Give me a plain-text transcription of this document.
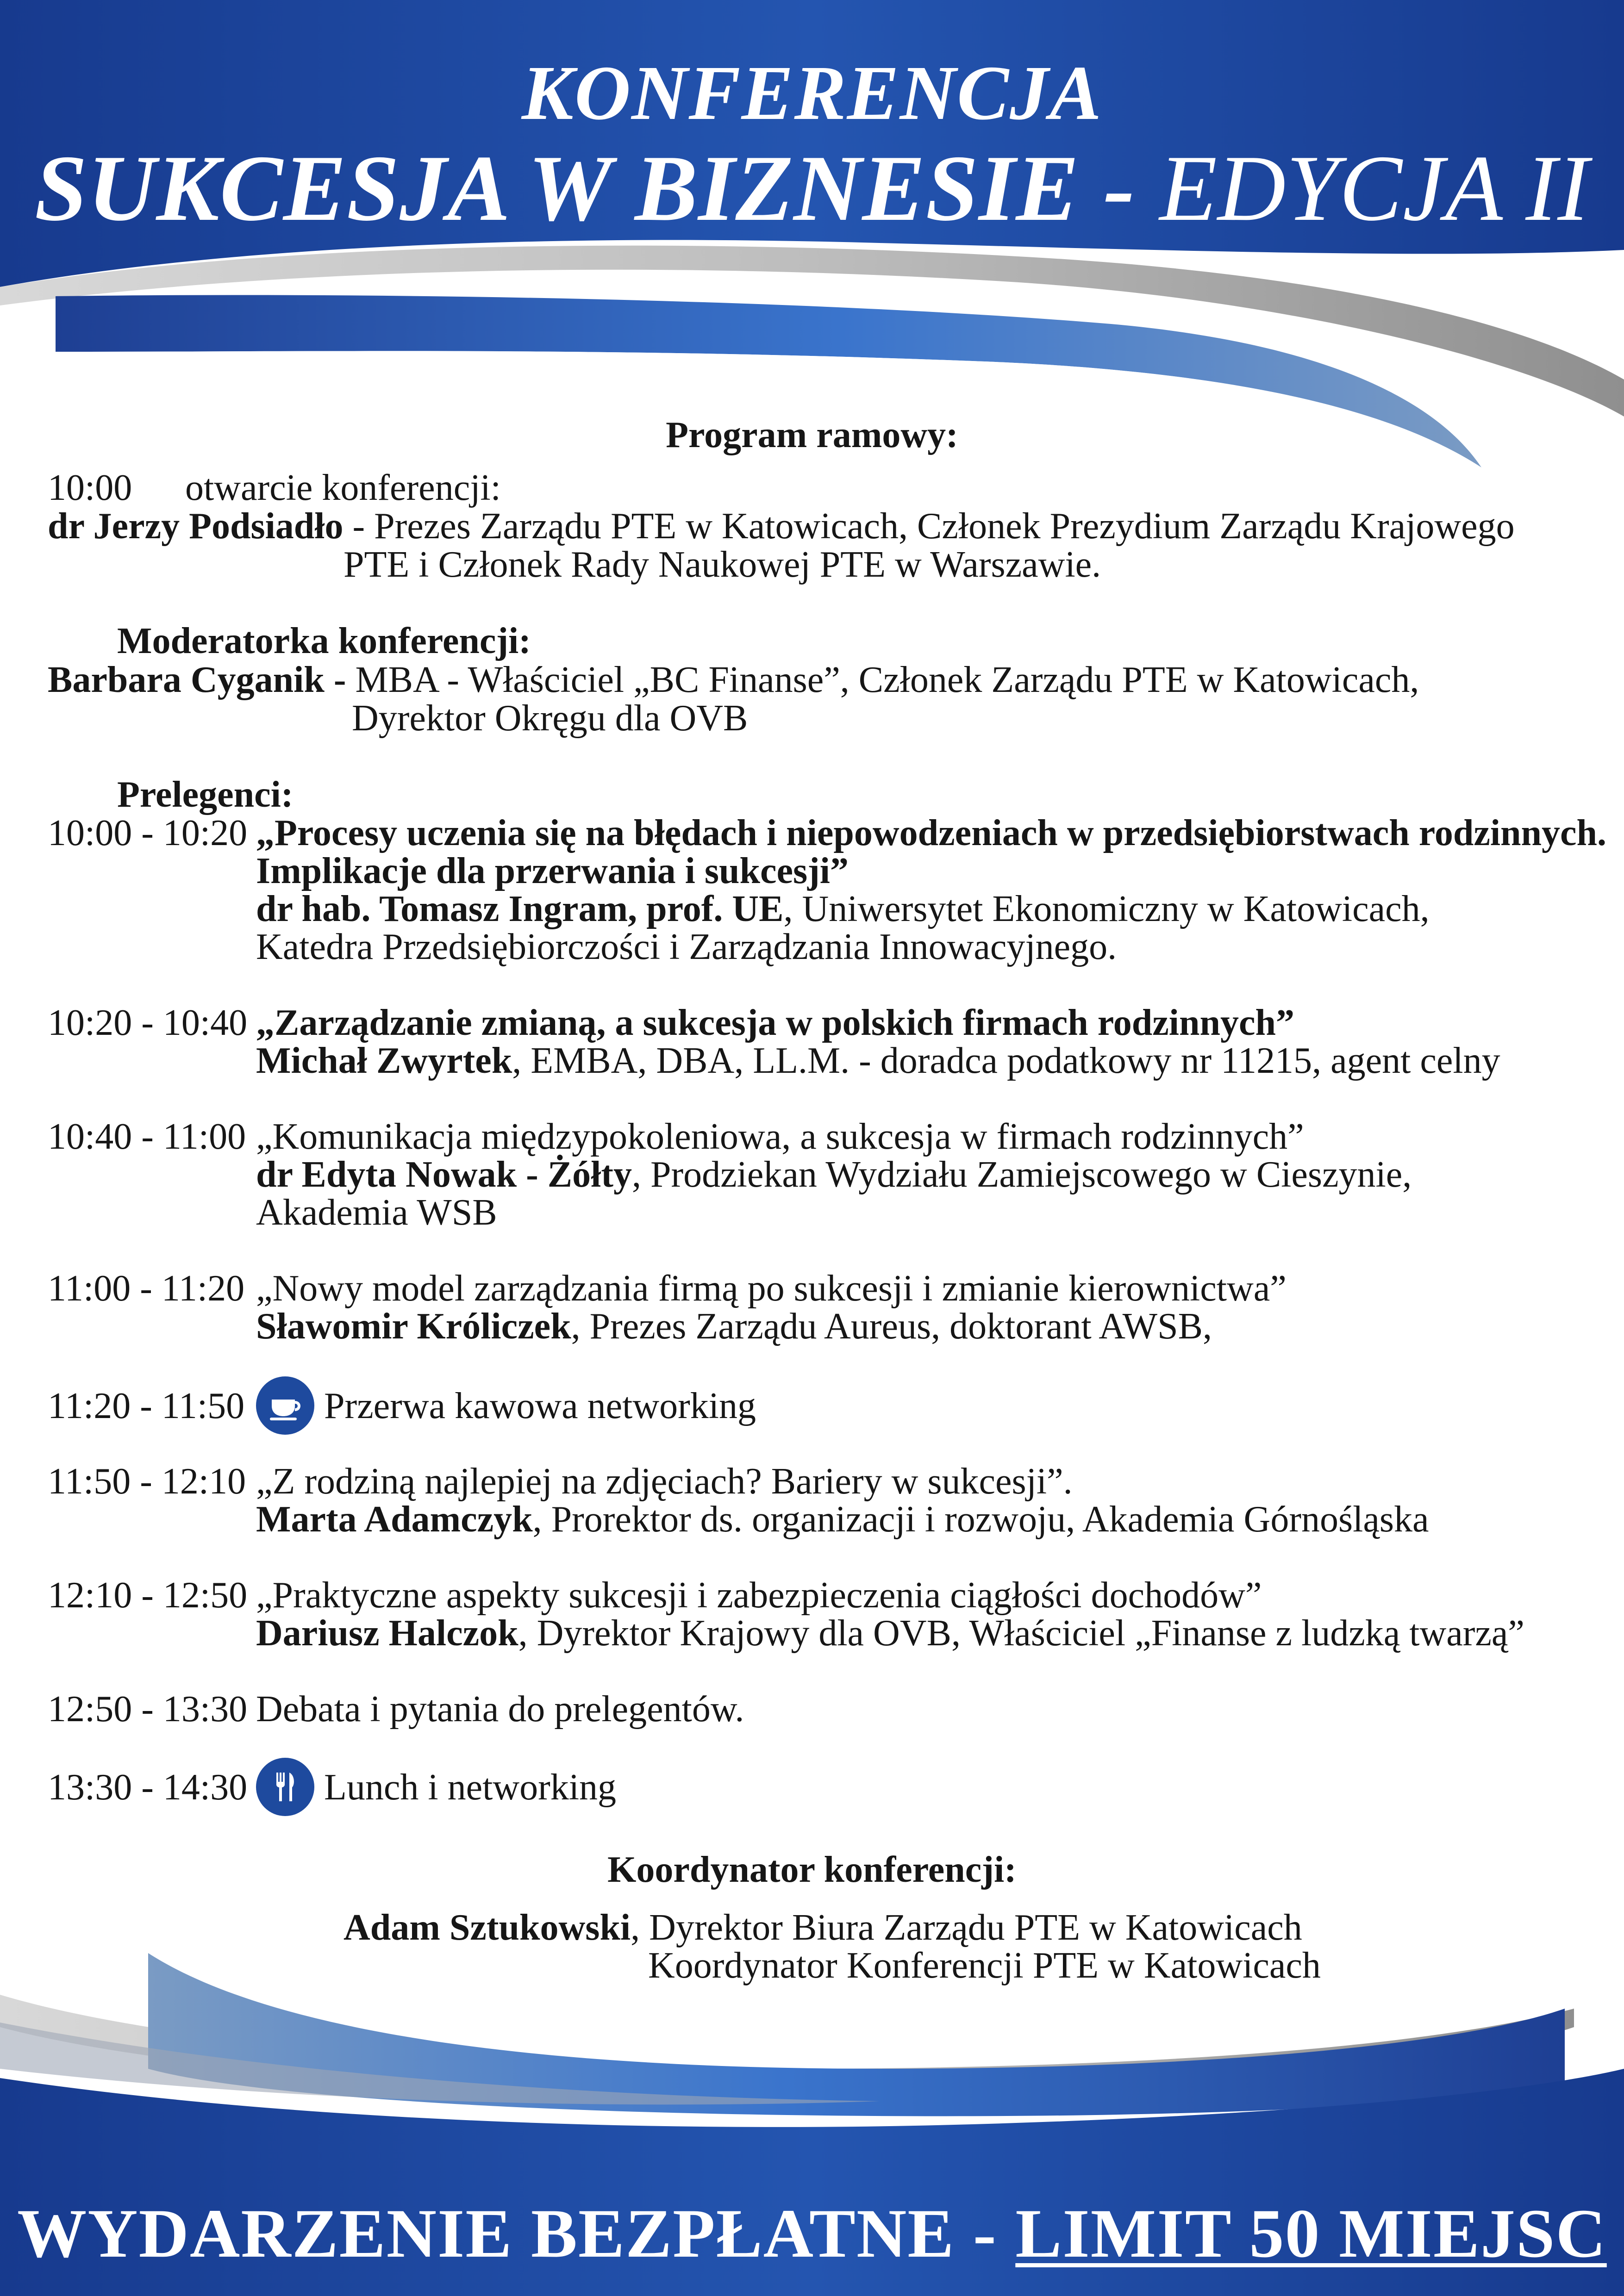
KONFERENCJA
SUKCESJA W BIZNESIE - EDYCJA II
Program ramowy:
10:00 otwarcie konferencji:
dr Jerzy Podsiadło - Prezes Zarządu PTE w Katowicach, Członek Prezydium Zarządu Krajowego
PTE i Członek Rady Naukowej PTE w Warszawie.
Moderatorka konferencji:
Barbara Cyganik - MBA - Właściciel „BC Finanse”, Członek Zarządu PTE w Katowicach,
Dyrektor Okręgu dla OVB
Prelegenci:
10:00 - 10:20 „Procesy uczenia się na błędach i niepowodzeniach w przedsiębiorstwach rodzinnych.
Implikacje dla przerwania i sukcesji”
dr hab. Tomasz Ingram, prof. UE, Uniwersytet Ekonomiczny w Katowicach,
Katedra Przedsiębiorczości i Zarządzania Innowacyjnego.
10:20 - 10:40 „Zarządzanie zmianą, a sukcesja w polskich firmach rodzinnych”
Michał Zwyrtek, EMBA, DBA, LL.M. - doradca podatkowy nr 11215, agent celny
10:40 - 11:00 „Komunikacja międzypokoleniowa, a sukcesja w firmach rodzinnych”
dr Edyta Nowak - Żółty, Prodziekan Wydziału Zamiejscowego w Cieszynie,
Akademia WSB
11:00 - 11:20 „Nowy model zarządzania firmą po sukcesji i zmianie kierownictwa”
Sławomir Króliczek, Prezes Zarządu Aureus, doktorant AWSB,
11:20 - 11:50 Przerwa kawowa networking
11:50 - 12:10 „Z rodziną najlepiej na zdjęciach? Bariery w sukcesji”.
Marta Adamczyk, Prorektor ds. organizacji i rozwoju, Akademia Górnośląska
12:10 - 12:50 „Praktyczne aspekty sukcesji i zabezpieczenia ciągłości dochodów”
Dariusz Halczok, Dyrektor Krajowy dla OVB, Właściciel „Finanse z ludzką twarzą”
12:50 - 13:30 Debata i pytania do prelegentów.
13:30 - 14:30 Lunch i networking
Koordynator konferencji:
Adam Sztukowski, Dyrektor Biura Zarządu PTE w Katowicach
Koordynator Konferencji PTE w Katowicach
WYDARZENIE BEZPŁATNE - LIMIT 50 MIEJSC
